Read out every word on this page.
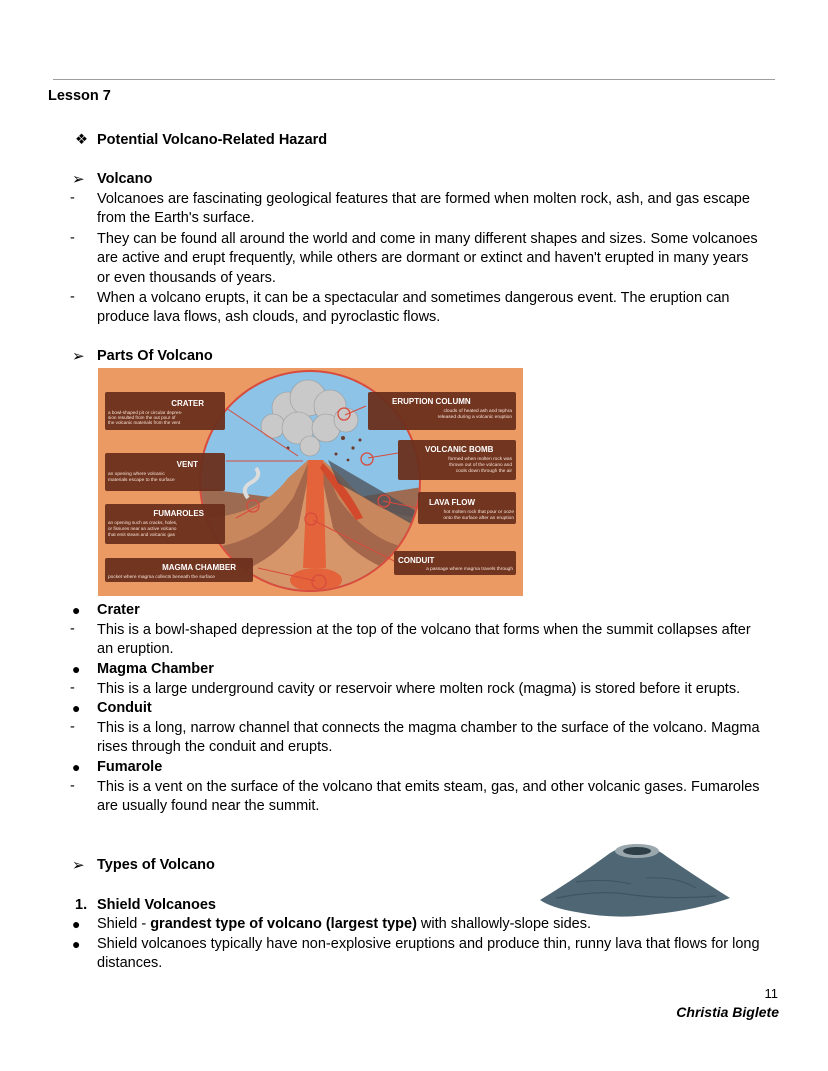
Lesson 7
❖ Potential Volcano-Related Hazard
➢ Volcano
- Volcanoes are fascinating geological features that are formed when molten rock, ash, and gas escape
from the Earth's surface.
- They can be found all around the world and come in many different shapes and sizes. Some volcanoes
are active and erupt frequently, while others are dormant or extinct and haven't erupted in many years
or even thousands of years.
- When a volcano erupts, it can be a spectacular and sometimes dangerous event. The eruption can
produce lava flows, ash clouds, and pyroclastic flows.
➢ Parts Of Volcano
CRATER
a bowl-shaped pit or circular depres-
sion resulted from the out pour of
the volcanic materials from the vent
VENT
an opening where volcanic
materials escape to the surface
FUMAROLES
an opening such as cracks, holes,
or fissures near an active volcano
that emit steam and volcanic gas
MAGMA CHAMBER
pocket where magma collects beneath the surface
ERUPTION COLUMN
clouds of heated ash and tephra
released during a volcanic eruption
VOLCANIC BOMB
formed when molten rock was
thrown out of the volcano and
cools down through the air
LAVA FLOW
hot molten rock that pour or ooze
onto the surface after an eruption
CONDUIT
a passage where magma travels through
● Crater
- This is a bowl-shaped depression at the top of the volcano that forms when the summit collapses after
an eruption.
● Magma Chamber
- This is a large underground cavity or reservoir where molten rock (magma) is stored before it erupts.
● Conduit
- This is a long, narrow channel that connects the magma chamber to the surface of the volcano. Magma
rises through the conduit and erupts.
● Fumarole
- This is a vent on the surface of the volcano that emits steam, gas, and other volcanic gases. Fumaroles
are usually found near the summit.
➢ Types of Volcano
1. Shield Volcanoes
● Shield - grandest type of volcano (largest type) with shallowly-slope sides.
● Shield volcanoes typically have non-explosive eruptions and produce thin, runny lava that flows for long
distances.
11
Christia Biglete
